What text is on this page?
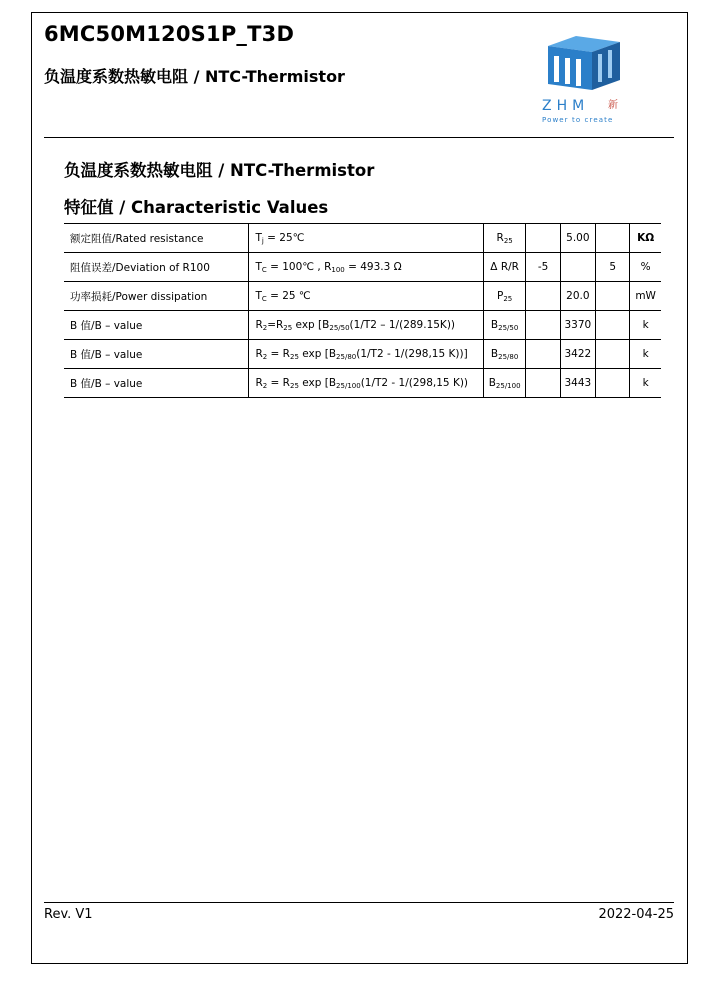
6MC50M120S1P_T3D
负温度系数热敏电阻 / NTC-Thermistor
ZHM 新
Power to create
负温度系数热敏电阻 / NTC-Thermistor
特征值 / Characteristic Values
额定阻值/Rated resistance	$T_j$ = 25℃	$R_{25}$		5.00		KΩ
阻值误差/Deviation of R100	$T_C$ = 100℃ , $R_{100} = 493.3$ Ω	Δ R/R	-5		5	%
功率损耗/Power dissipation	$T_C = 25$ ℃	$P_{25}$		20.0		mW
B 值/B – value	$R_2=R_{25}$ $\exp [B_{25/50}(1/T2 - 1/(289.15K))$	$B_{25/50}$		3370		k
B 值/B – value	$R_2 = R_{25}$ $\exp [B_{25/80}(1/T2 - 1/(298,15$ K))]	$B_{25/80}$		3422		k
B 值/B – value	$R_2 = R_{25}$ $\exp [B_{25/100}(1/T2 - 1/(298,15$ K))	$B_{25/100}$		3443		k
Rev. V1	2022-04-25
